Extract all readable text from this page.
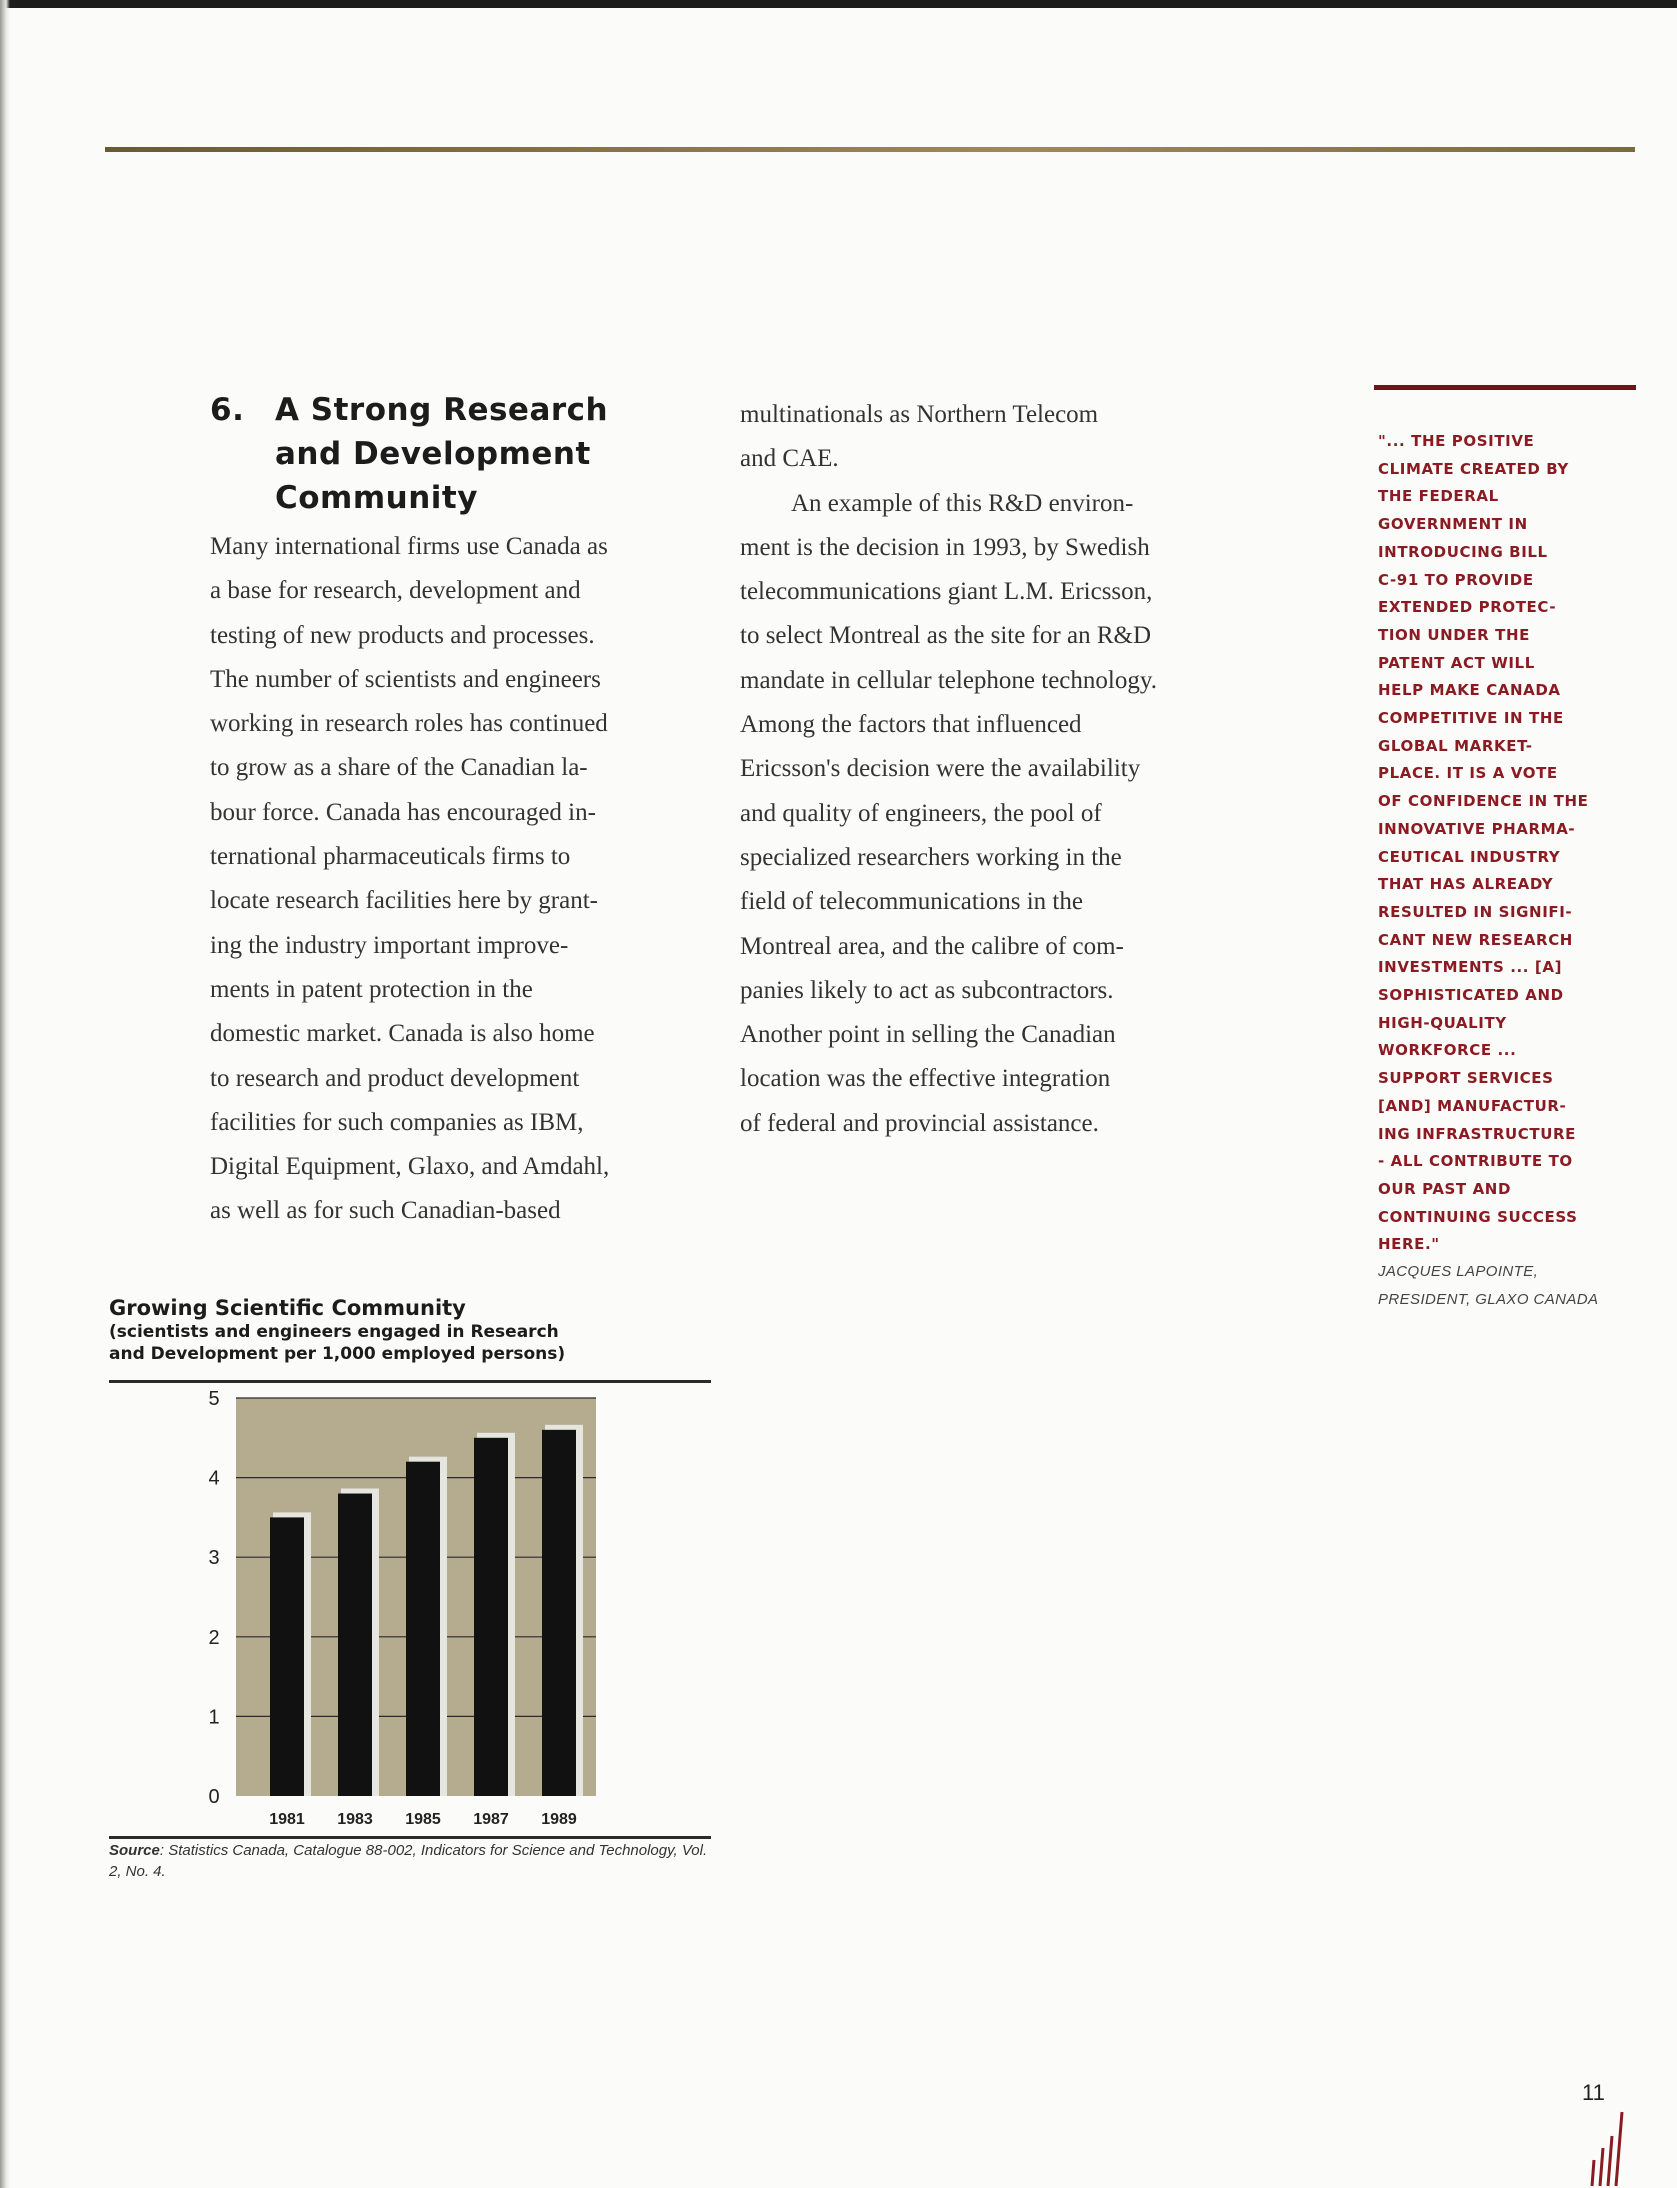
6. A Strong Research
and Development
Community
Many international firms use Canada as
a base for research, development and
testing of new products and processes.
The number of scientists and engineers
working in research roles has continued
to grow as a share of the Canadian la-
bour force. Canada has encouraged in-
ternational pharmaceuticals firms to
locate research facilities here by grant-
ing the industry important improve-
ments in patent protection in the
domestic market. Canada is also home
to research and product development
facilities for such companies as IBM,
Digital Equipment, Glaxo, and Amdahl,
as well as for such Canadian-based
multinationals as Northern Telecom
and CAE.
An example of this R&D environ-
ment is the decision in 1993, by Swedish
telecommunications giant L.M. Ericsson,
to select Montreal as the site for an R&D
mandate in cellular telephone technology.
Among the factors that influenced
Ericsson's decision were the availability
and quality of engineers, the pool of
specialized researchers working in the
field of telecommunications in the
Montreal area, and the calibre of com-
panies likely to act as subcontractors.
Another point in selling the Canadian
location was the effective integration
of federal and provincial assistance.
"... THE POSITIVE
CLIMATE CREATED BY
THE FEDERAL
GOVERNMENT IN
INTRODUCING BILL
C-91 TO PROVIDE
EXTENDED PROTEC-
TION UNDER THE
PATENT ACT WILL
HELP MAKE CANADA
COMPETITIVE IN THE
GLOBAL MARKET-
PLACE. IT IS A VOTE
OF CONFIDENCE IN THE
INNOVATIVE PHARMA-
CEUTICAL INDUSTRY
THAT HAS ALREADY
RESULTED IN SIGNIFI-
CANT NEW RESEARCH
INVESTMENTS ... [A]
SOPHISTICATED AND
HIGH-QUALITY
WORKFORCE ...
SUPPORT SERVICES
[AND] MANUFACTUR-
ING INFRASTRUCTURE
- ALL CONTRIBUTE TO
OUR PAST AND
CONTINUING SUCCESS
HERE."
JACQUES LAPOINTE,
PRESIDENT, GLAXO CANADA
Growing Scientific Community
(scientists and engineers engaged in Research
and Development per 1,000 employed persons)
0
1
2
3
4
5
1981 1983 1985 1987 1989
Source: Statistics Canada, Catalogue 88-002, Indicators for Science and Technology, Vol. 2, No. 4.
11
